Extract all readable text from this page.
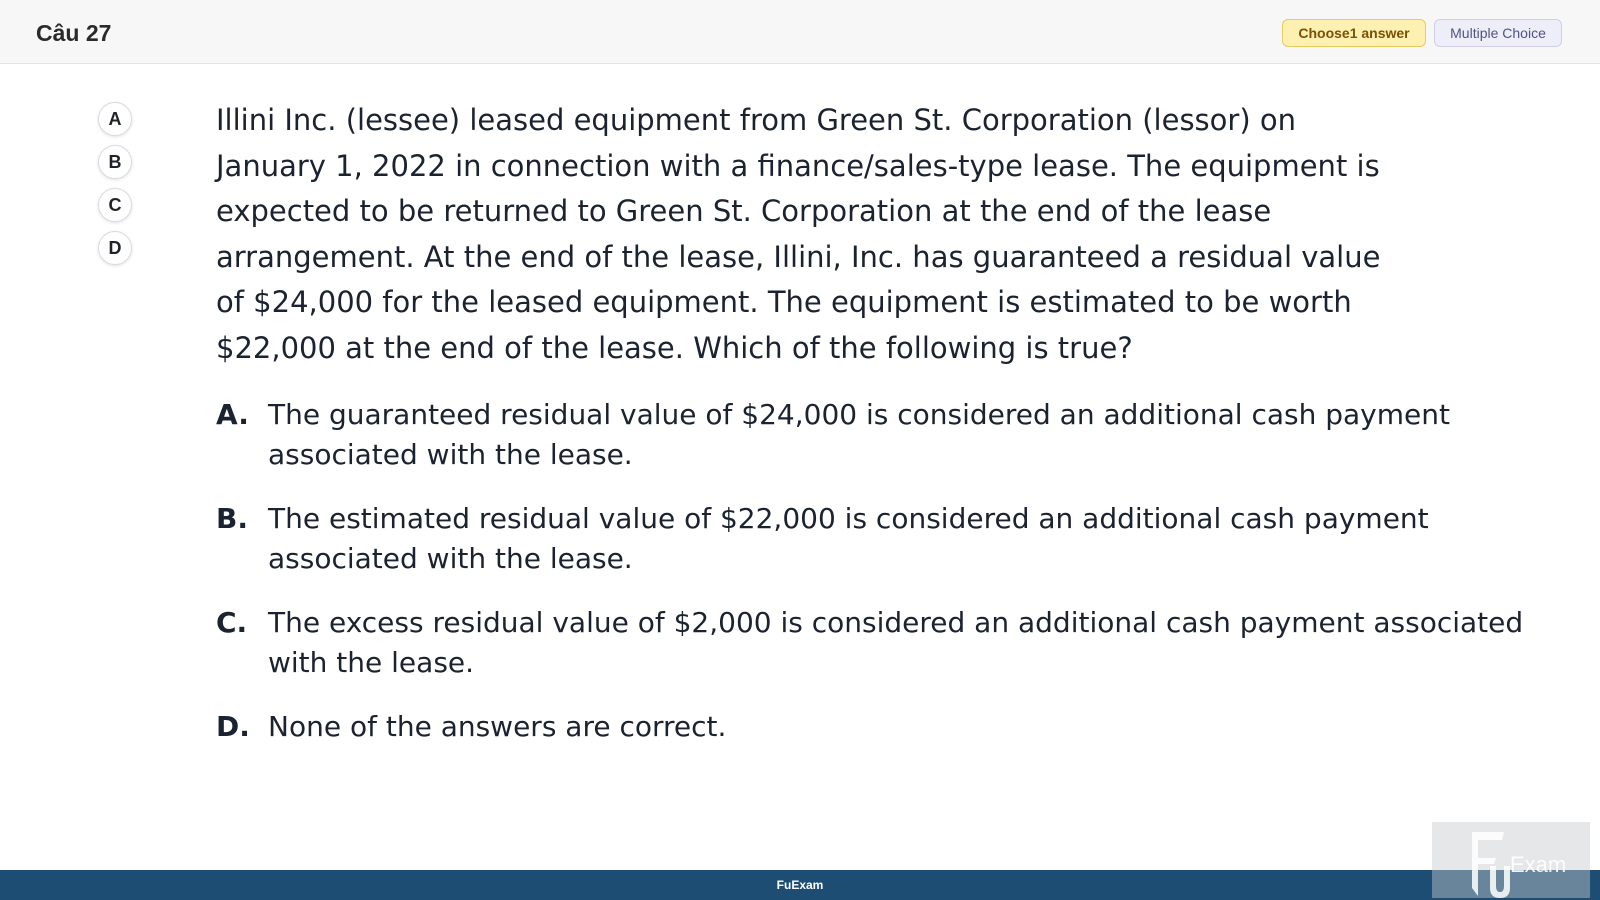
Câu 27	Choose1 answer	Multiple Choice
A
B
C
D
Illini Inc. (lessee) leased equipment from Green St. Corporation (lessor) on
January 1, 2022 in connection with a finance/sales-type lease. The equipment is
expected to be returned to Green St. Corporation at the end of the lease
arrangement. At the end of the lease, Illini, Inc. has guaranteed a residual value
of $24,000 for the leased equipment. The equipment is estimated to be worth
$22,000 at the end of the lease. Which of the following is true?
A. The guaranteed residual value of $24,000 is considered an additional cash payment
associated with the lease.
B. The estimated residual value of $22,000 is considered an additional cash payment
associated with the lease.
C. The excess residual value of $2,000 is considered an additional cash payment associated
with the lease.
D. None of the answers are correct.
FuExam
Exam
